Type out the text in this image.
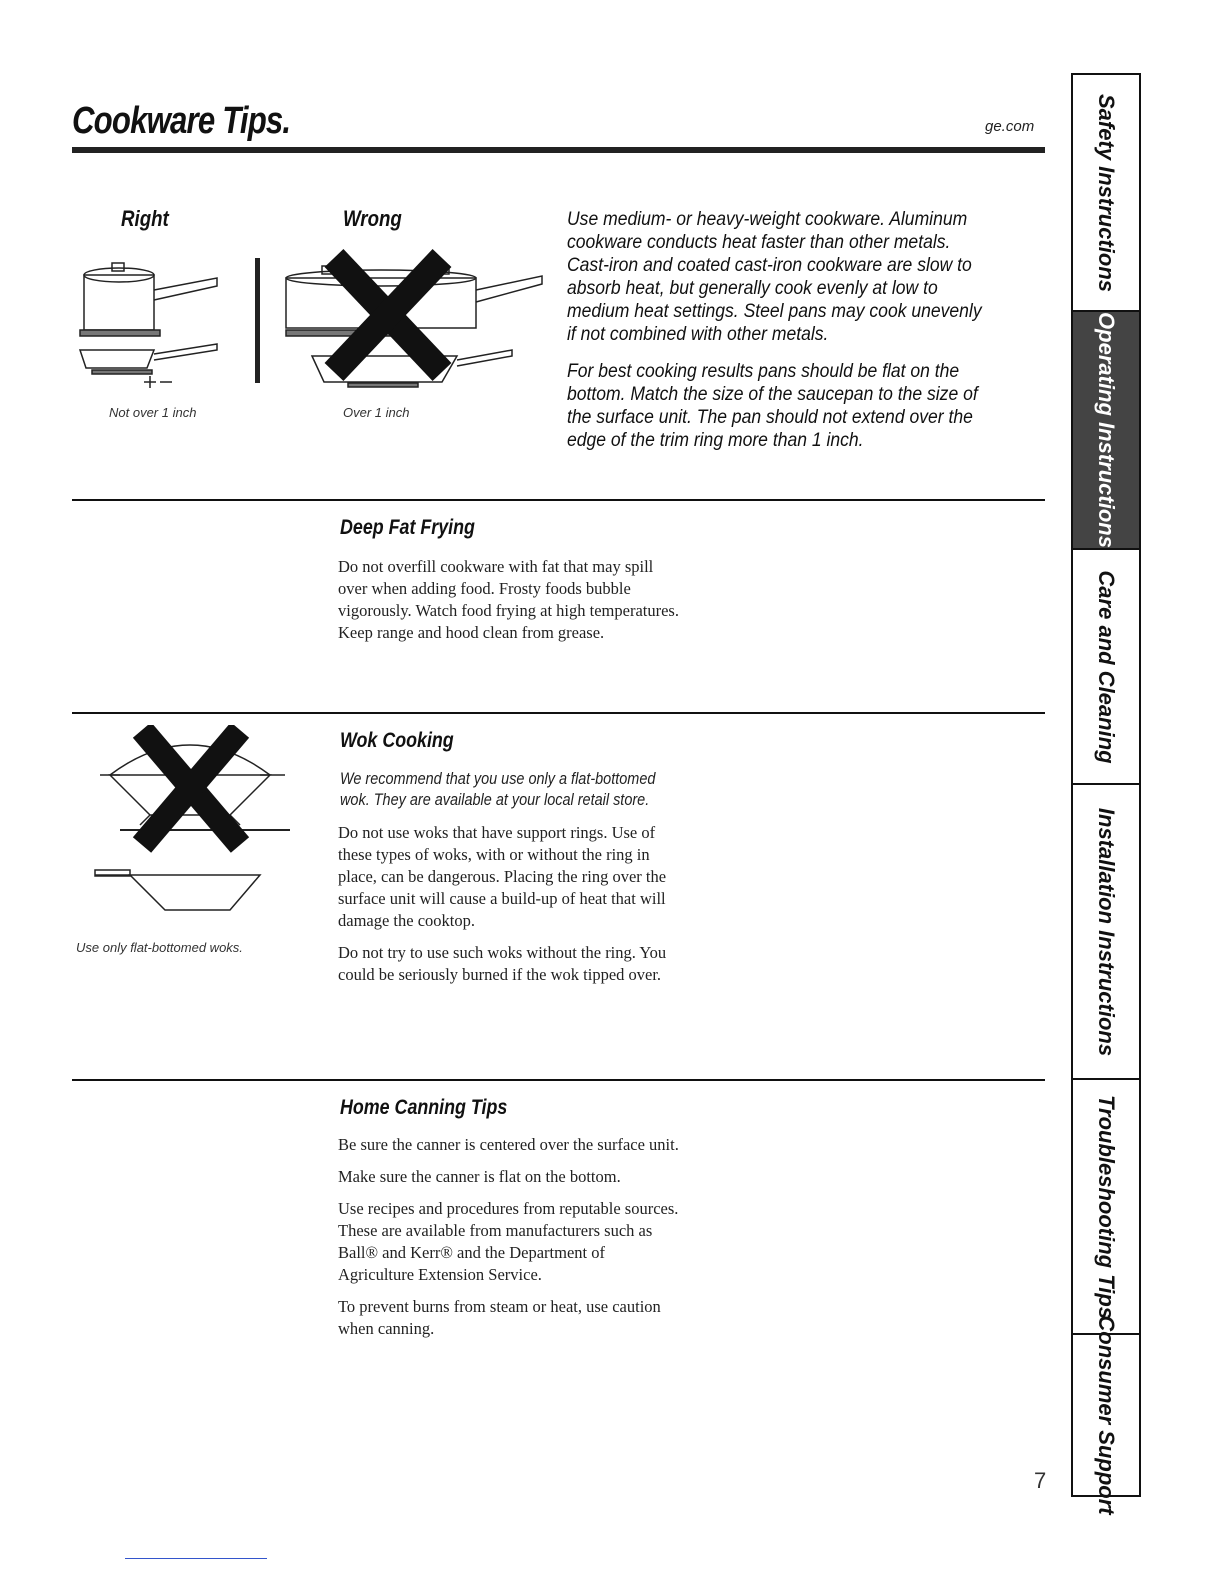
Cookware Tips.	ge.com
Right	Wrong
Not over 1 inch	Over 1 inch

Use medium- or heavy-weight cookware. Aluminum cookware conducts heat faster than other metals. Cast-iron and coated cast-iron cookware are slow to absorb heat, but generally cook evenly at low to medium heat settings. Steel pans may cook unevenly if not combined with other metals.

For best cooking results pans should be flat on the bottom. Match the size of the saucepan to the size of the surface unit. The pan should not extend over the edge of the trim ring more than 1 inch.

Deep Fat Frying

Do not overfill cookware with fat that may spill over when adding food. Frosty foods bubble vigorously. Watch food frying at high temperatures. Keep range and hood clean from grease.

Wok Cooking
We recommend that you use only a flat-bottomed wok. They are available at your local retail store.

Do not use woks that have support rings. Use of these types of woks, with or without the ring in place, can be dangerous. Placing the ring over the surface unit will cause a build-up of heat that will damage the cooktop.

Do not try to use such woks without the ring. You could be seriously burned if the wok tipped over.

Use only flat-bottomed woks.
Home Canning Tips

Be sure the canner is centered over the surface unit.

Make sure the canner is flat on the bottom.

Use recipes and procedures from reputable sources. These are available from manufacturers such as Ball® and Kerr® and the Department of Agriculture Extension Service.

To prevent burns from steam or heat, use caution when canning.

7
Safety Instructions
Operating Instructions
Care and Cleaning
Installation Instructions
Troubleshooting Tips
Consumer Support
